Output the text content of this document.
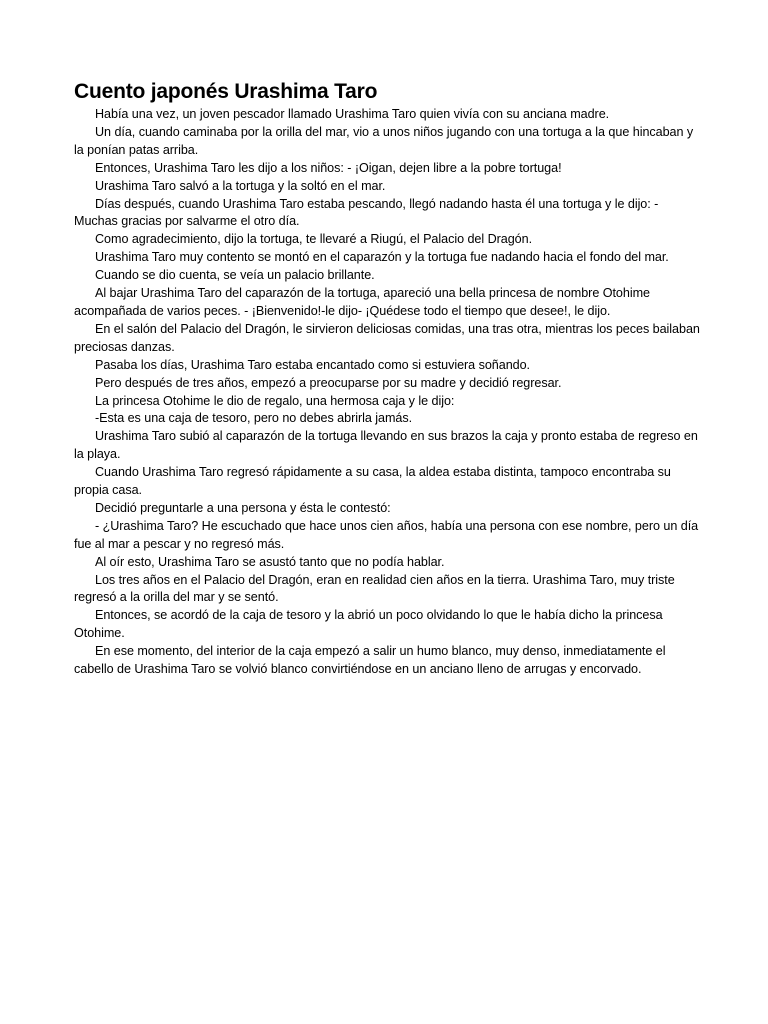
Cuento japonés Urashima Taro

Había una vez, un joven pescador llamado Urashima Taro quien vivía con su anciana madre.

Un día, cuando caminaba por la orilla del mar, vio a unos niños jugando con una tortuga a la que hincaban y la ponían patas arriba.

Entonces, Urashima Taro les dijo a los niños: - ¡Oigan, dejen libre a la pobre tortuga!

Urashima Taro salvó a la tortuga y la soltó en el mar.

Días después, cuando Urashima Taro estaba pescando, llegó nadando hasta él una tortuga y le dijo: -Muchas gracias por salvarme el otro día.

Como agradecimiento, dijo la tortuga, te llevaré a Riugú, el Palacio del Dragón.

Urashima Taro muy contento se montó en el caparazón y la tortuga fue nadando hacia el fondo del mar.

Cuando se dio cuenta, se veía un palacio brillante.

Al bajar Urashima Taro del caparazón de la tortuga, apareció una bella princesa de nombre Otohime acompañada de varios peces. - ¡Bienvenido!-le dijo- ¡Quédese todo el tiempo que desee!, le dijo.

En el salón del Palacio del Dragón, le sirvieron deliciosas comidas, una tras otra, mientras los peces bailaban preciosas danzas.

Pasaba los días, Urashima Taro estaba encantado como si estuviera soñando.

Pero después de tres años, empezó a preocuparse por su madre y decidió regresar.

La princesa Otohime le dio de regalo, una hermosa caja y le dijo:

-Esta es una caja de tesoro, pero no debes abrirla jamás.

Urashima Taro subió al caparazón de la tortuga llevando en sus brazos la caja y pronto estaba de regreso en la playa.

Cuando Urashima Taro regresó rápidamente a su casa, la aldea estaba distinta, tampoco encontraba su propia casa.

Decidió preguntarle a una persona y ésta le contestó:

- ¿Urashima Taro? He escuchado que hace unos cien años, había una persona con ese nombre, pero un día fue al mar a pescar y no regresó más.

Al oír esto, Urashima Taro se asustó tanto que no podía hablar.

Los tres años en el Palacio del Dragón, eran en realidad cien años en la tierra. Urashima Taro, muy triste regresó a la orilla del mar y se sentó.

Entonces, se acordó de la caja de tesoro y la abrió un poco olvidando lo que le había dicho la princesa Otohime.

En ese momento, del interior de la caja empezó a salir un humo blanco, muy denso, inmediatamente el cabello de Urashima Taro se volvió blanco convirtiéndose en un anciano lleno de arrugas y encorvado.
